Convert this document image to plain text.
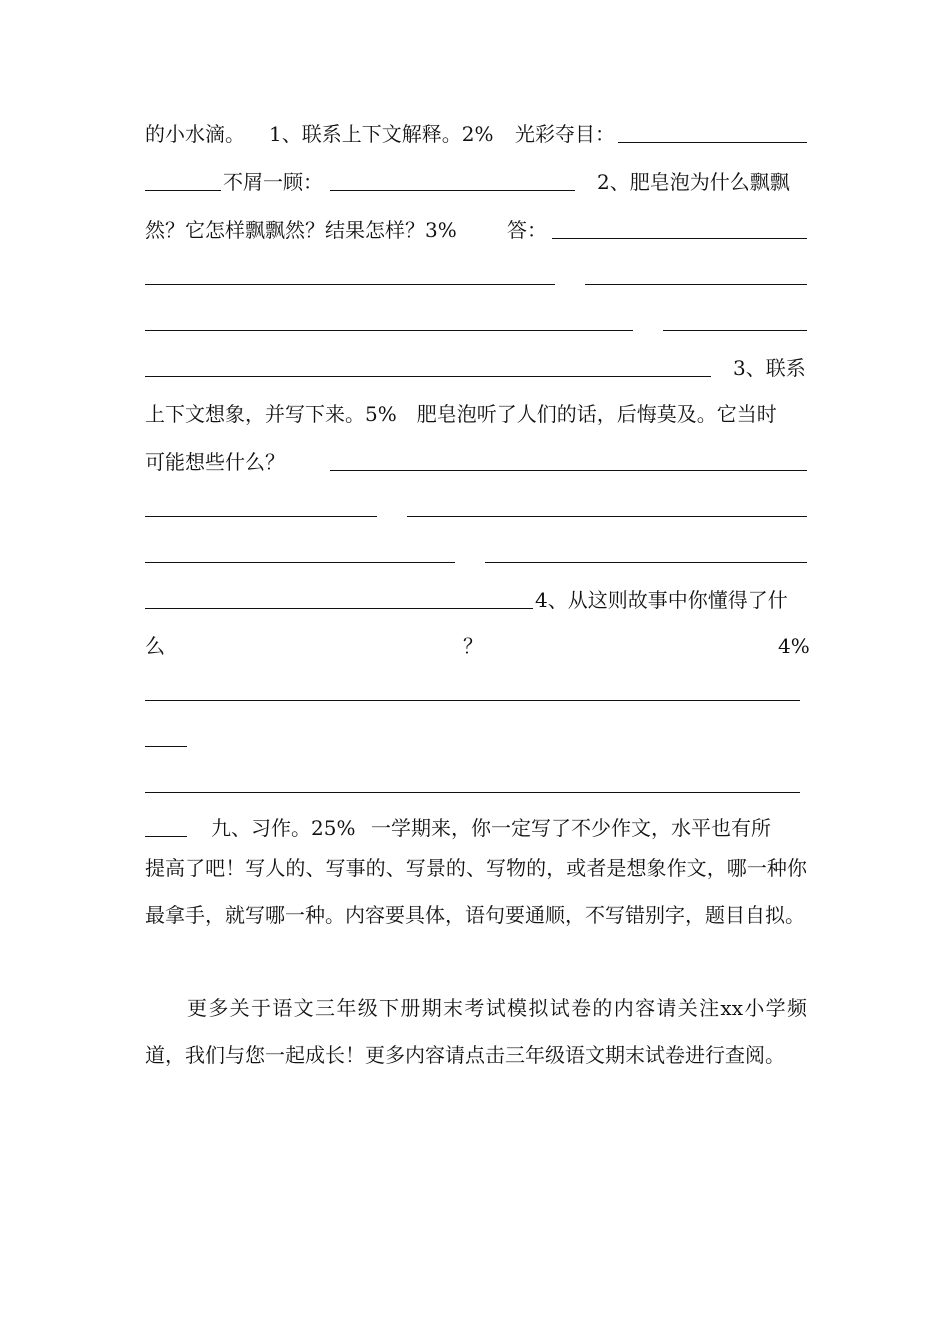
的小水滴。 1、联系上下文解释。2% 光彩夺目：
不屑一顾：	2、肥皂泡为什么飘飘
然？它怎样飘飘然？结果怎样？3%	答：
3、联系
上下文想象，并写下来。5%　肥皂泡听了人们的话，后悔莫及。它当时
可能想些什么？
4、从这则故事中你懂得了什
么	？	4%
九、习作。25% 一学期来，你一定写了不少作文，水平也有所
提高了吧！写人的、写事的、写景的、写物的，或者是想象作文，哪一种你最拿手，就写哪一种。内容要具体，语句要通顺，不写错别字，题目自拟。
更多关于语文三年级下册期末考试模拟试卷的内容请关注xx小学频道，我们与您一起成长！更多内容请点击三年级语文期末试卷进行查阅。
